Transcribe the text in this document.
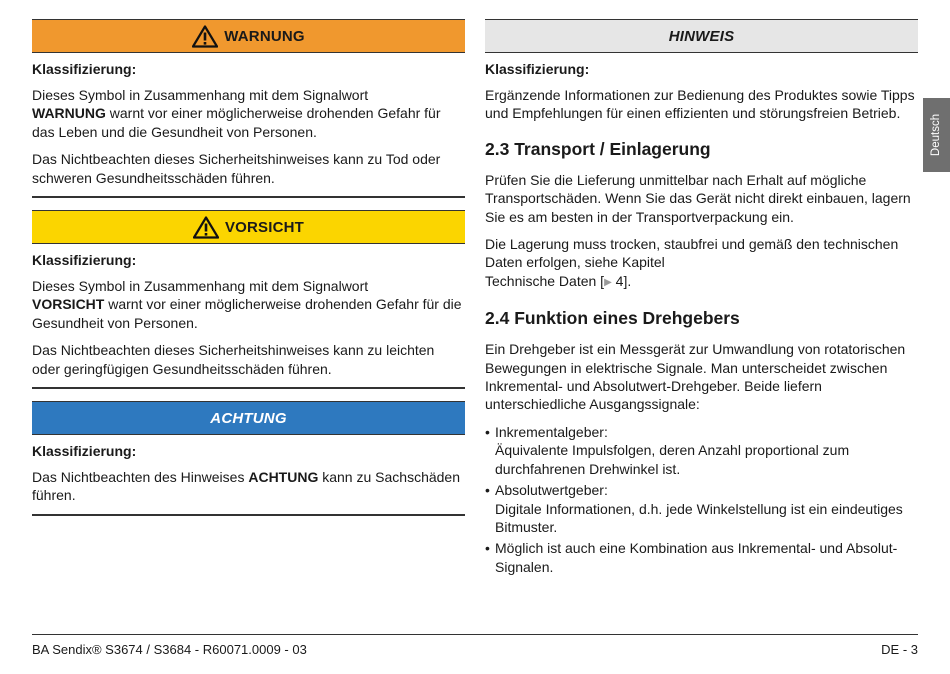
WARNUNG
Klassifizierung:

Dieses Symbol in Zusammenhang mit dem Signalwort
WARNUNG warnt vor einer möglicherweise drohenden Gefahr für das Leben und die Gesundheit von Personen.

Das Nichtbeachten dieses Sicherheitshinweises kann zu Tod oder schweren Gesundheitsschäden führen.

VORSICHT
Klassifizierung:

Dieses Symbol in Zusammenhang mit dem Signalwort
VORSICHT warnt vor einer möglicherweise drohenden Gefahr für die Gesundheit von Personen.

Das Nichtbeachten dieses Sicherheitshinweises kann zu leichten oder geringfügigen Gesundheitsschäden führen.

ACHTUNG
Klassifizierung:

Das Nichtbeachten des Hinweises ACHTUNG kann zu Sachschäden führen.

HINWEIS
Klassifizierung:

Ergänzende Informationen zur Bedienung des Produktes sowie Tipps und Empfehlungen für einen effizienten und störungsfreien Betrieb.

2.3 Transport / Einlagerung

Prüfen Sie die Lieferung unmittelbar nach Erhalt auf mögliche Transportschäden. Wenn Sie das Gerät nicht direkt einbauen, lagern Sie es am besten in der Transportverpackung ein.

Die Lagerung muss trocken, staubfrei und gemäß den technischen Daten erfolgen, siehe Kapitel
Technische Daten [▶ 4].

2.4 Funktion eines Drehgebers

Ein Drehgeber ist ein Messgerät zur Umwandlung von rotatorischen Bewegungen in elektrische Signale. Man unterscheidet zwischen Inkremental- und Absolutwert-Drehgeber. Beide liefern unterschiedliche Ausgangssignale:

• Inkrementalgeber:
Äquivalente Impulsfolgen, deren Anzahl proportional zum durchfahrenen Drehwinkel ist.
• Absolutwertgeber:
Digitale Informationen, d.h. jede Winkelstellung ist ein eindeutiges Bitmuster.
• Möglich ist auch eine Kombination aus Inkremental- und Absolut-Signalen.
Deutsch
BA Sendix® S3674 / S3684 - R60071.0009 - 03	DE - 3
